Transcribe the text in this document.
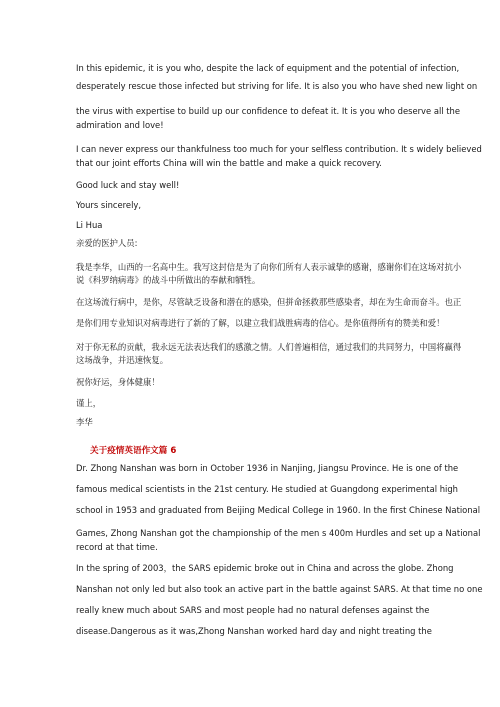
In this epidemic, it is you who, despite the lack of equipment and the potential of infection,
desperately rescue those infected but striving for life. It is also you who have shed new light on
the virus with expertise to build up our confidence to defeat it. It is you who deserve all the
admiration and love!
I can never express our thankfulness too much for your selfless contribution. It s widely believed
that our joint efforts China will win the battle and make a quick recovery.
Good luck and stay well!
Yours sincerely,
Li Hua
亲爱的医护人员:
我是李华，山西的一名高中生。我写这封信是为了向你们所有人表示诚挚的感谢，感谢你们在这场对抗小
说《科罗纳病毒》的战斗中所做出的奉献和牺牲。
在这场流行病中，是你，尽管缺乏设备和潜在的感染，但拼命拯救那些感染者，却在为生命而奋斗。也正
是你们用专业知识对病毒进行了新的了解，以建立我们战胜病毒的信心。是你值得所有的赞美和爱！
对于你无私的贡献，我永远无法表达我们的感激之情。人们普遍相信，通过我们的共同努力，中国将赢得
这场战争，并迅速恢复。
祝你好运，身体健康！
谨上，
李华
关于疫情英语作文篇 6
Dr. Zhong Nanshan was born in October 1936 in Nanjing, Jiangsu Province. He is one of the
famous medical scientists in the 21st century. He studied at Guangdong experimental high
school in 1953 and graduated from Beijing Medical College in 1960. In the first Chinese National
Games, Zhong Nanshan got the championship of the men s 400m Hurdles and set up a National
record at that time.
In the spring of 2003，the SARS epidemic broke out in China and across the globe. Zhong
Nanshan not only led but also took an active part in the battle against SARS. At that time no one
really knew much about SARS and most people had no natural defenses against the
disease.Dangerous as it was,Zhong Nanshan worked hard day and night treating the
